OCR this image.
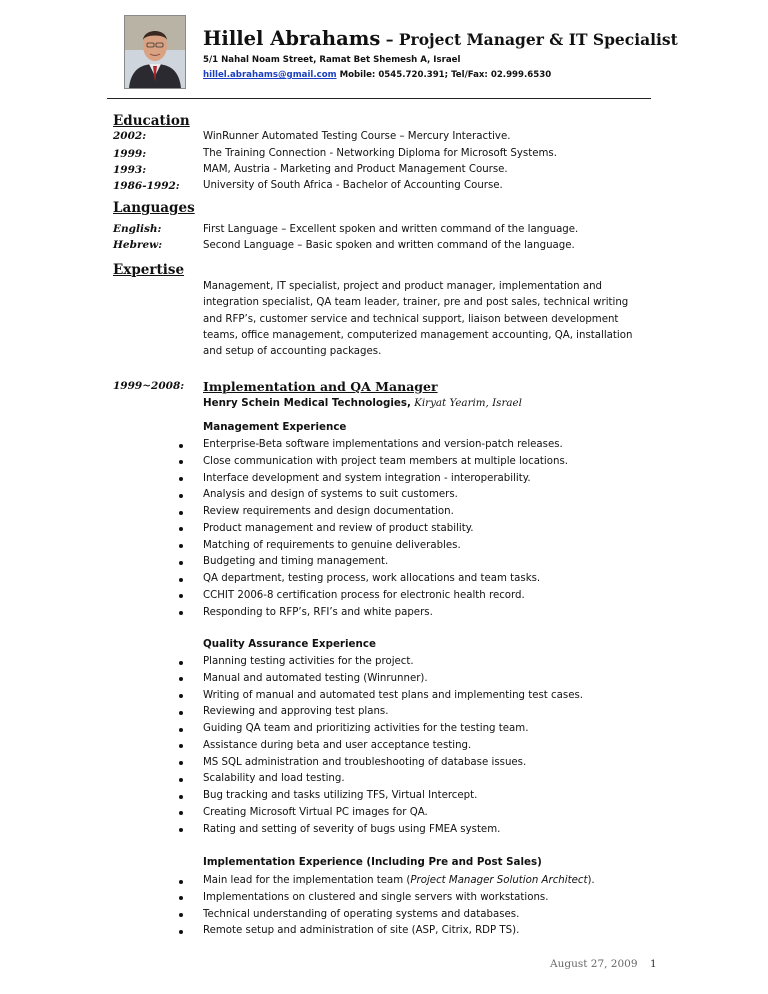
Hillel Abrahams – Project Manager & IT Specialist
5/1 Nahal Noam Street, Ramat Bet Shemesh A, Israel
hillel.abrahams@gmail.com Mobile: 0545.720.391; Tel/Fax: 02.999.6530
Education
2002:	WinRunner Automated Testing Course – Mercury Interactive.
1999:	The Training Connection - Networking Diploma for Microsoft Systems.
1993:	MAM, Austria - Marketing and Product Management Course.
1986-1992: University of South Africa - Bachelor of Accounting Course.
Languages
English:	First Language – Excellent spoken and written command of the language.
Hebrew:	Second Language – Basic spoken and written command of the language.
Expertise
Management, IT specialist, project and product manager, implementation and
integration specialist, QA team leader, trainer, pre and post sales, technical writing
and RFP’s, customer service and technical support, liaison between development
teams, office management, computerized management accounting, QA, installation
and setup of accounting packages.
1999~2008: Implementation and QA Manager
Henry Schein Medical Technologies, Kiryat Yearim, Israel
Management Experience
Enterprise-Beta software implementations and version-patch releases.
Close communication with project team members at multiple locations.
Interface development and system integration - interoperability.
Analysis and design of systems to suit customers.
Review requirements and design documentation.
Product management and review of product stability.
Matching of requirements to genuine deliverables.
Budgeting and timing management.
QA department, testing process, work allocations and team tasks.
CCHIT 2006-8 certification process for electronic health record.
Responding to RFP’s, RFI’s and white papers.
Quality Assurance Experience
Planning testing activities for the project.
Manual and automated testing (Winrunner).
Writing of manual and automated test plans and implementing test cases.
Reviewing and approving test plans.
Guiding QA team and prioritizing activities for the testing team.
Assistance during beta and user acceptance testing.
MS SQL administration and troubleshooting of database issues.
Scalability and load testing.
Bug tracking and tasks utilizing TFS, Virtual Intercept.
Creating Microsoft Virtual PC images for QA.
Rating and setting of severity of bugs using FMEA system.
Implementation Experience (Including Pre and Post Sales)
Main lead for the implementation team (Project Manager Solution Architect).
Implementations on clustered and single servers with workstations.
Technical understanding of operating systems and databases.
Remote setup and administration of site (ASP, Citrix, RDP TS).
August 27, 2009 1
